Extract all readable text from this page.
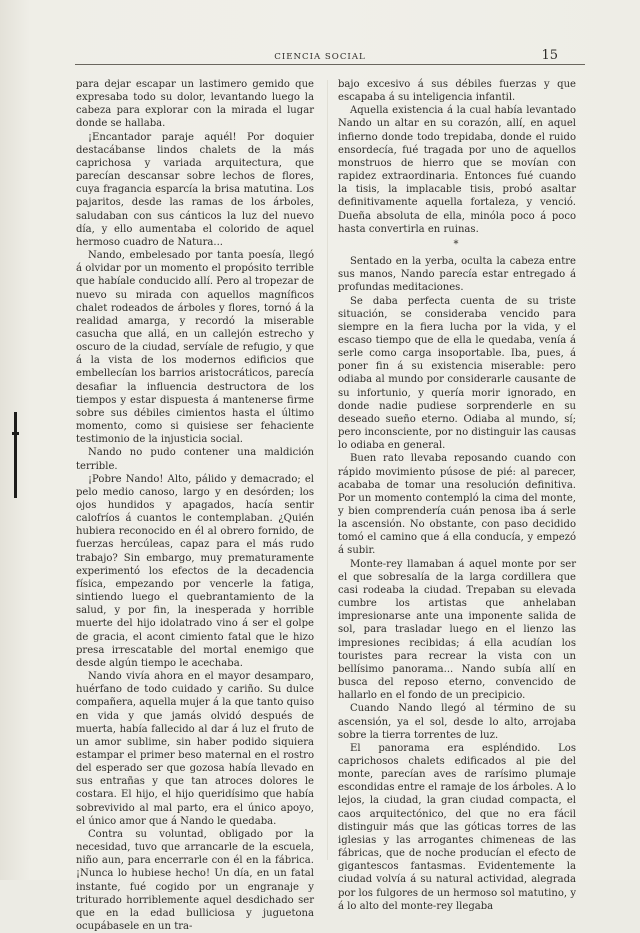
CIENCIA SOCIAL	15

para dejar escapar un lastimero gemido que expresaba todo su dolor, levantando luego la cabeza para explorar con la mirada el lugar donde se hallaba.

¡Encantador paraje aquél! Por doquier destacábanse lindos chalets de la más caprichosa y variada arquitectura, que parecían descansar sobre lechos de flores, cuya fragancia esparcía la brisa matutina. Los pajaritos, desde las ramas de los árboles, saludaban con sus cánticos la luz del nuevo día, y ello aumentaba el colorido de aquel hermoso cuadro de Natura...

Nando, embelesado por tanta poesía, llegó á olvidar por un momento el propósito terrible que habíale conducido allí. Pero al tropezar de nuevo su mirada con aquellos magníficos chalet rodeados de árboles y flores, tornó á la realidad amarga, y recordó la miserable casucha que allá, en un callejón estrecho y oscuro de la ciudad, servíale de refugio, y que á la vista de los modernos edificios que embellecían los barrios aristocráticos, parecía desafiar la influencia destructora de los tiempos y estar dispuesta á mantenerse firme sobre sus débiles cimientos hasta el último momento, como si quisiese ser fehaciente testimonio de la injusticia social.

Nando no pudo contener una maldición terrible.

¡Pobre Nando! Alto, pálido y demacrado; el pelo medio canoso, largo y en desórden; los ojos hundidos y apagados, hacía sentir calofríos á cuantos le contemplaban. ¿Quién hubiera reconocido en él al obrero fornido, de fuerzas hercúleas, capaz para el más rudo trabajo? Sin embargo, muy prematuramente experimentó los efectos de la decadencia física, empezando por vencerle la fatiga, sintiendo luego el quebrantamiento de la salud, y por fin, la inesperada y horrible muerte del hijo idolatrado vino á ser el golpe de gracia, el acont cimiento fatal que le hizo presa irrescatable del mortal enemigo que desde algún tiempo le acechaba.

Nando vivía ahora en el mayor desamparo, huérfano de todo cuidado y cariño. Su dulce compañera, aquella mujer á la que tanto quiso en vida y que jamás olvidó después de muerta, había fallecido al dar á luz el fruto de un amor sublime, sin haber podido siquiera estampar el primer beso maternal en el rostro del esperado ser que gozosa había llevado en sus entrañas y que tan atroces dolores le costara. El hijo, el hijo queridísimo que había sobrevivido al mal parto, era el único apoyo, el único amor que á Nando le quedaba.

Contra su voluntad, obligado por la necesidad, tuvo que arrancarle de la escuela, niño aun, para encerrarle con él en la fábrica. ¡Nunca lo hubiese hecho! Un día, en un fatal instante, fué cogido por un engranaje y triturado horriblemente aquel desdichado ser que en la edad bulliciosa y juguetona ocupábasele en un tra-

bajo excesivo á sus débiles fuerzas y que escapaba á su inteligencia infantil.

Aquella existencia á la cual había levantado Nando un altar en su corazón, allí, en aquel infierno donde todo trepidaba, donde el ruido ensordecía, fué tragada por uno de aquellos monstruos de hierro que se movían con rapidez extraordinaria. Entonces fué cuando la tisis, la implacable tisis, probó asaltar definitivamente aquella fortaleza, y venció. Dueña absoluta de ella, minóla poco á poco hasta convertirla en ruinas.

*

Sentado en la yerba, oculta la cabeza entre sus manos, Nando parecía estar entregado á profundas meditaciones.

Se daba perfecta cuenta de su triste situación, se consideraba vencido para siempre en la fiera lucha por la vida, y el escaso tiempo que de ella le quedaba, venía á serle como carga insoportable. Iba, pues, á poner fin á su existencia miserable: pero odiaba al mundo por considerarle causante de su infortunio, y quería morir ignorado, en donde nadie pudiese sorprenderle en su deseado sueño eterno. Odiaba al mundo, sí; pero inconsciente, por no distinguir las causas lo odiaba en general.

Buen rato llevaba reposando cuando con rápido movimiento púsose de pié: al parecer, acababa de tomar una resolución definitiva. Por un momento contempló la cima del monte, y bien comprendería cuán penosa iba á serle la ascensión. No obstante, con paso decidido tomó el camino que á ella conducía, y empezó á subir.

Monte-rey llamaban á aquel monte por ser el que sobresalía de la larga cordillera que casi rodeaba la ciudad. Trepaban su elevada cumbre los artistas que anhelaban impresionarse ante una imponente salida de sol, para trasladar luego en el lienzo las impresiones recibidas; á ella acudían los touristes para recrear la vista con un bellísimo panorama... Nando subía allí en busca del reposo eterno, convencido de hallarlo en el fondo de un precipicio.

Cuando Nando llegó al término de su ascensión, ya el sol, desde lo alto, arrojaba sobre la tierra torrentes de luz.

El panorama era espléndido. Los caprichosos chalets edificados al pie del monte, parecían aves de rarísimo plumaje escondidas entre el ramaje de los árboles. A lo lejos, la ciudad, la gran ciudad compacta, el caos arquitectónico, del que no era fácil distinguir más que las góticas torres de las iglesias y las arrogantes chimeneas de las fábricas, que de noche producían el efecto de gigantescos fantasmas. Evidentemente la ciudad volvía á su natural actividad, alegrada por los fulgores de un hermoso sol matutino, y á lo alto del monte-rey llegaba
